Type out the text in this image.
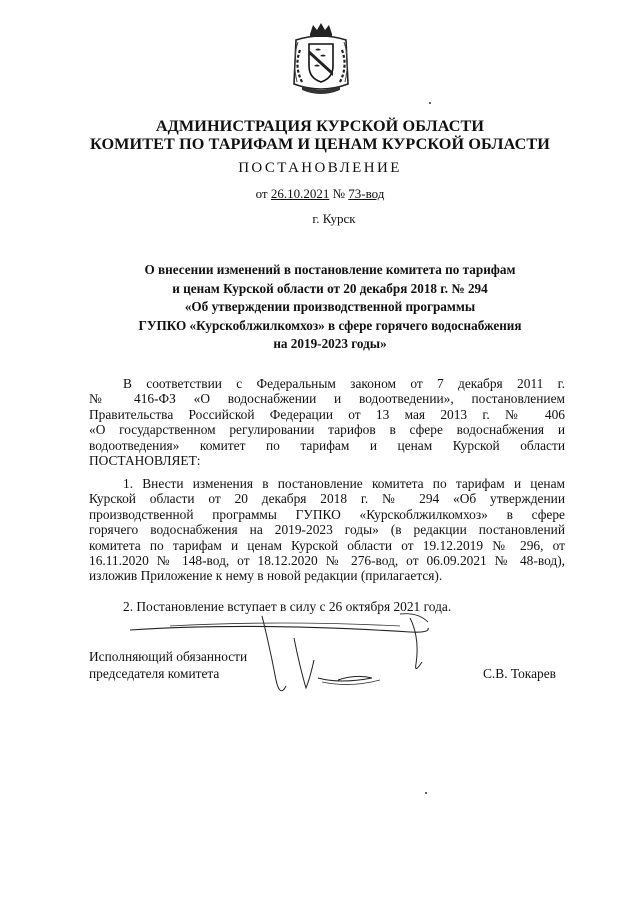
АДМИНИСТРАЦИЯ КУРСКОЙ ОБЛАСТИ
КОМИТЕТ ПО ТАРИФАМ И ЦЕНАМ КУРСКОЙ ОБЛАСТИ
ПОСТАНОВЛЕНИЕ
от 26.10.2021 № 73-вод
г. Курск
О внесении изменений в постановление комитета по тарифам
и ценам Курской области от 20 декабря 2018 г. № 294
«Об утверждении производственной программы
ГУПКО «Курскоблжилкомхоз» в сфере горячего водоснабжения
на 2019-2023 годы»
В соответствии с Федеральным законом от 7 декабря 2011 г.
№ 416-ФЗ «О водоснабжении и водоотведении», постановлением
Правительства Российской Федерации от 13 мая 2013 г. № 406
«О государственном регулировании тарифов в сфере водоснабжения и
водоотведения» комитет по тарифам и ценам Курской области
ПОСТАНОВЛЯЕТ:
1. Внести изменения в постановление комитета по тарифам и ценам
Курской области от 20 декабря 2018 г. № 294 «Об утверждении
производственной программы ГУПКО «Курскоблжилкомхоз» в сфере
горячего водоснабжения на 2019-2023 годы» (в редакции постановлений
комитета по тарифам и ценам Курской области от 19.12.2019 № 296, от
16.11.2020 № 148-вод, от 18.12.2020 № 276-вод, от 06.09.2021 № 48-вод),
изложив Приложение к нему в новой редакции (прилагается).
2. Постановление вступает в силу с 26 октября 2021 года.
Исполняющий обязанности
председателя комитета	С.В. Токарев
